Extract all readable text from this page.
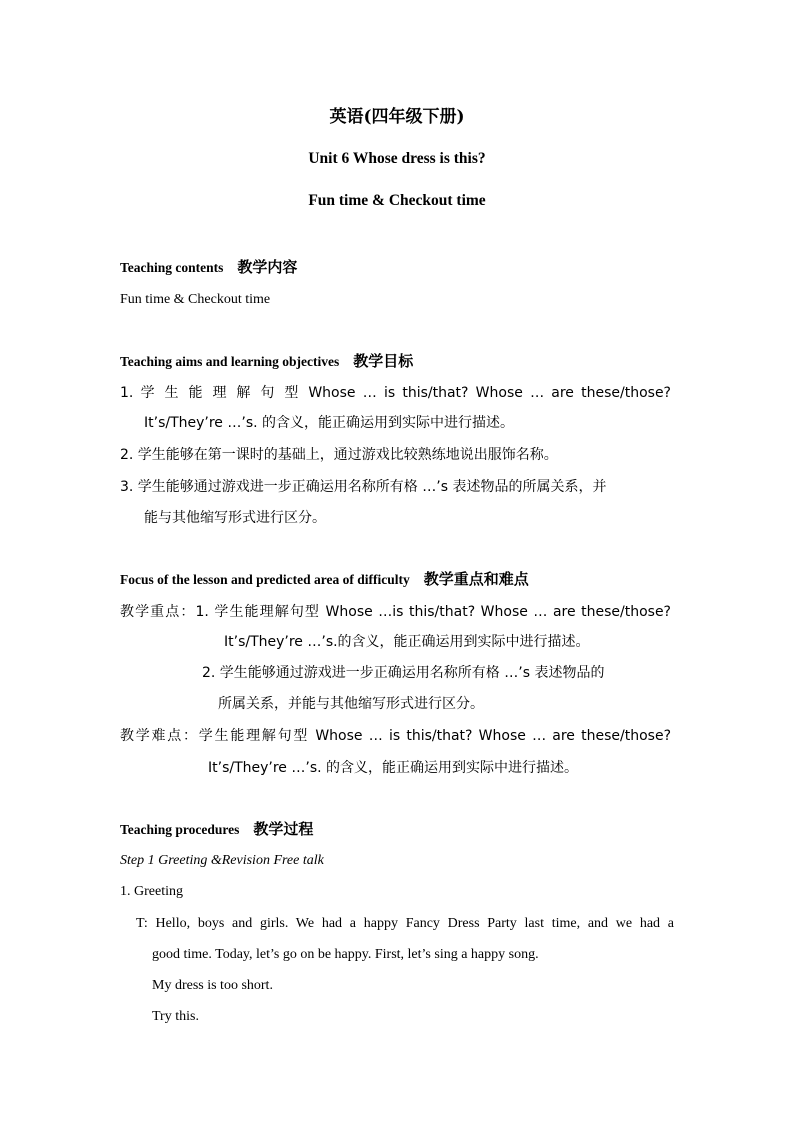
英语(四年级下册)
Unit 6 Whose dress is this?
Fun time & Checkout time
Teaching contents 教学内容
Fun time & Checkout time
Teaching aims and learning objectives 教学目标
1. 学 生 能 理 解 句 型 Whose … is this/that? Whose … are these/those?
It’s/They’re …’s. 的含义，能正确运用到实际中进行描述。
2. 学生能够在第一课时的基础上，通过游戏比较熟练地说出服饰名称。
3. 学生能够通过游戏进一步正确运用名称所有格 …’s 表述物品的所属关系，并
能与其他缩写形式进行区分。
Focus of the lesson and predicted area of difficulty 教学重点和难点
教学重点：1. 学生能理解句型 Whose …is this/that? Whose … are these/those?
It’s/They’re …’s.的含义，能正确运用到实际中进行描述。
2. 学生能够通过游戏进一步正确运用名称所有格 …’s 表述物品的
所属关系，并能与其他缩写形式进行区分。
教学难点：学生能理解句型 Whose … is this/that? Whose … are these/those?
It’s/They’re …’s. 的含义，能正确运用到实际中进行描述。
Teaching procedures 教学过程
Step 1 Greeting &Revision Free talk
1. Greeting
T: Hello, boys and girls. We had a happy Fancy Dress Party last time, and we had a
good time. Today, let’s go on be happy. First, let’s sing a happy song.
My dress is too short.
Try this.
